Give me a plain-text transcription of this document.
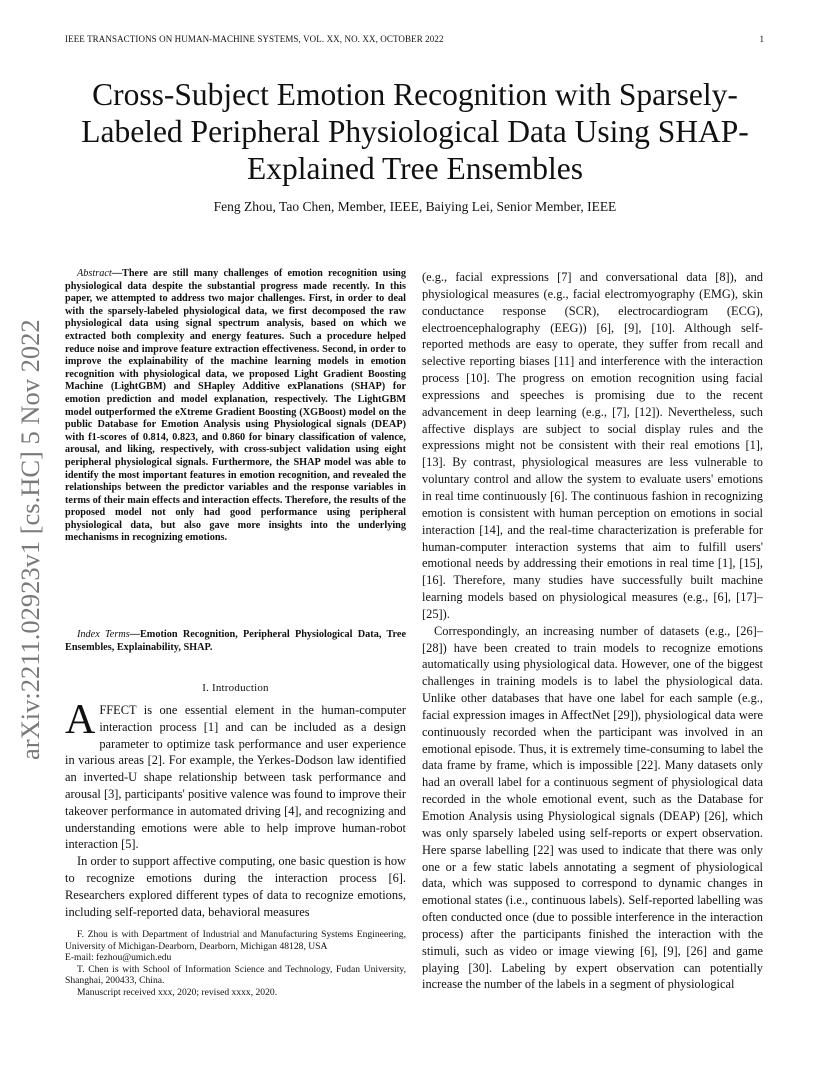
IEEE TRANSACTIONS ON HUMAN-MACHINE SYSTEMS, VOL. XX, NO. XX, OCTOBER 2022	1
arXiv:2211.02923v1 [cs.HC] 5 Nov 2022
Cross-Subject Emotion Recognition with Sparsely-Labeled Peripheral Physiological Data Using SHAP-Explained Tree Ensembles
Feng Zhou, Tao Chen, Member, IEEE, Baiying Lei, Senior Member, IEEE
Abstract—There are still many challenges of emotion recognition using physiological data despite the substantial progress made recently. In this paper, we attempted to address two major challenges. First, in order to deal with the sparsely-labeled physiological data, we first decomposed the raw physiological data using signal spectrum analysis, based on which we extracted both complexity and energy features. Such a procedure helped reduce noise and improve feature extraction effectiveness. Second, in order to improve the explainability of the machine learning models in emotion recognition with physiological data, we proposed Light Gradient Boosting Machine (LightGBM) and SHapley Additive exPlanations (SHAP) for emotion prediction and model explanation, respectively. The LightGBM model outperformed the eXtreme Gradient Boosting (XGBoost) model on the public Database for Emotion Analysis using Physiological signals (DEAP) with f1-scores of 0.814, 0.823, and 0.860 for binary classification of valence, arousal, and liking, respectively, with cross-subject validation using eight peripheral physiological signals. Furthermore, the SHAP model was able to identify the most important features in emotion recognition, and revealed the relationships between the predictor variables and the response variables in terms of their main effects and interaction effects. Therefore, the results of the proposed model not only had good performance using peripheral physiological data, but also gave more insights into the underlying mechanisms in recognizing emotions.
Index Terms—Emotion Recognition, Peripheral Physiological Data, Tree Ensembles, Explainability, SHAP.
I. Introduction

AFFECT is one essential element in the human-computer interaction process [1] and can be included as a design parameter to optimize task performance and user experience in various areas [2]. For example, the Yerkes-Dodson law identified an inverted-U shape relationship between task performance and arousal [3], participants' positive valence was found to improve their takeover performance in automated driving [4], and recognizing and understanding emotions were able to help improve human-robot interaction [5].

In order to support affective computing, one basic question is how to recognize emotions during the interaction process [6]. Researchers explored different types of data to recognize emotions, including self-reported data, behavioral measures

F. Zhou is with Department of Industrial and Manufacturing Systems Engineering, University of Michigan-Dearborn, Dearborn, Michigan 48128, USA

E-mail: fezhou@umich.edu

T. Chen is with School of Information Science and Technology, Fudan University, Shanghai, 200433, China.

Manuscript received xxx, 2020; revised xxxx, 2020.

(e.g., facial expressions [7] and conversational data [8]), and physiological measures (e.g., facial electromyography (EMG), skin conductance response (SCR), electrocardiogram (ECG), electroencephalography (EEG)) [6], [9], [10]. Although self-reported methods are easy to operate, they suffer from recall and selective reporting biases [11] and interference with the interaction process [10]. The progress on emotion recognition using facial expressions and speeches is promising due to the recent advancement in deep learning (e.g., [7], [12]). Nevertheless, such affective displays are subject to social display rules and the expressions might not be consistent with their real emotions [1], [13]. By contrast, physiological measures are less vulnerable to voluntary control and allow the system to evaluate users' emotions in real time continuously [6]. The continuous fashion in recognizing emotion is consistent with human perception on emotions in social interaction [14], and the real-time characterization is preferable for human-computer interaction systems that aim to fulfill users' emotional needs by addressing their emotions in real time [1], [15], [16]. Therefore, many studies have successfully built machine learning models based on physiological measures (e.g., [6], [17]–[25]).

Correspondingly, an increasing number of datasets (e.g., [26]–[28]) have been created to train models to recognize emotions automatically using physiological data. However, one of the biggest challenges in training models is to label the physiological data. Unlike other databases that have one label for each sample (e.g., facial expression images in AffectNet [29]), physiological data were continuously recorded when the participant was involved in an emotional episode. Thus, it is extremely time-consuming to label the data frame by frame, which is impossible [22]. Many datasets only had an overall label for a continuous segment of physiological data recorded in the whole emotional event, such as the Database for Emotion Analysis using Physiological signals (DEAP) [26], which was only sparsely labeled using self-reports or expert observation. Here sparse labelling [22] was used to indicate that there was only one or a few static labels annotating a segment of physiological data, which was supposed to correspond to dynamic changes in emotional states (i.e., continuous labels). Self-reported labelling was often conducted once (due to possible interference in the interaction process) after the participants finished the interaction with the stimuli, such as video or image viewing [6], [9], [26] and game playing [30]. Labeling by expert observation can potentially increase the number of the labels in a segment of physiological
